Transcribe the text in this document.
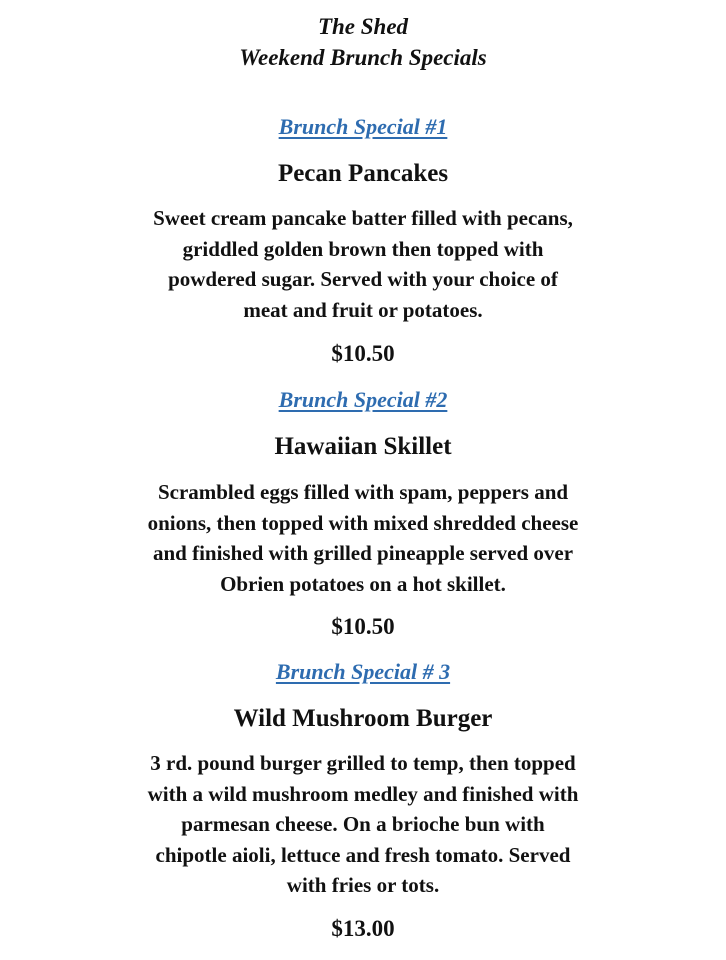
The Shed

Weekend Brunch Specials

Brunch Special #1

Pecan Pancakes

Sweet cream pancake batter filled with pecans,
griddled golden brown then topped with
powdered sugar. Served with your choice of
meat and fruit or potatoes.

$10.50

Brunch Special #2

Hawaiian Skillet

Scrambled eggs filled with spam, peppers and
onions, then topped with mixed shredded cheese
and finished with grilled pineapple served over
Obrien potatoes on a hot skillet.

$10.50

Brunch Special # 3

Wild Mushroom Burger

3 rd. pound burger grilled to temp, then topped
with a wild mushroom medley and finished with
parmesan cheese. On a brioche bun with
chipotle aioli, lettuce and fresh tomato. Served
with fries or tots.

$13.00
